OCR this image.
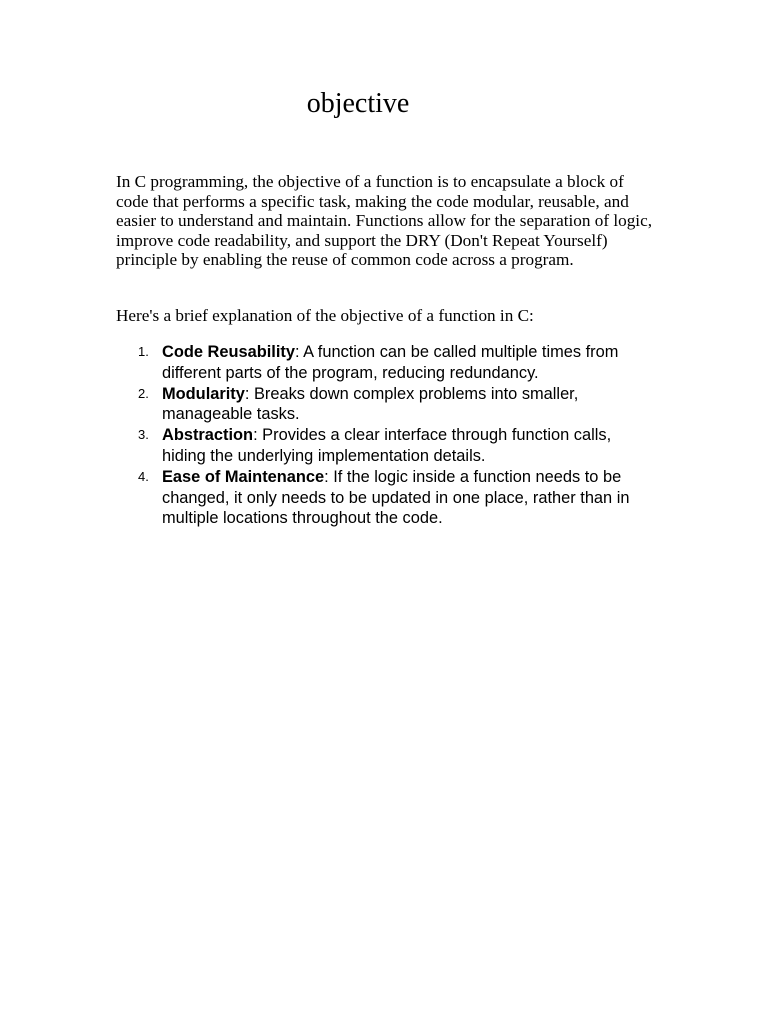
objective

In C programming, the objective of a function is to encapsulate a block of code that performs a specific task, making the code modular, reusable, and easier to understand and maintain. Functions allow for the separation of logic, improve code readability, and support the DRY (Don't Repeat Yourself) principle by enabling the reuse of common code across a program.

Here's a brief explanation of the objective of a function in C:

1. Code Reusability: A function can be called multiple times from different parts of the program, reducing redundancy.
2. Modularity: Breaks down complex problems into smaller, manageable tasks.
3. Abstraction: Provides a clear interface through function calls, hiding the underlying implementation details.
4. Ease of Maintenance: If the logic inside a function needs to be changed, it only needs to be updated in one place, rather than in multiple locations throughout the code.
